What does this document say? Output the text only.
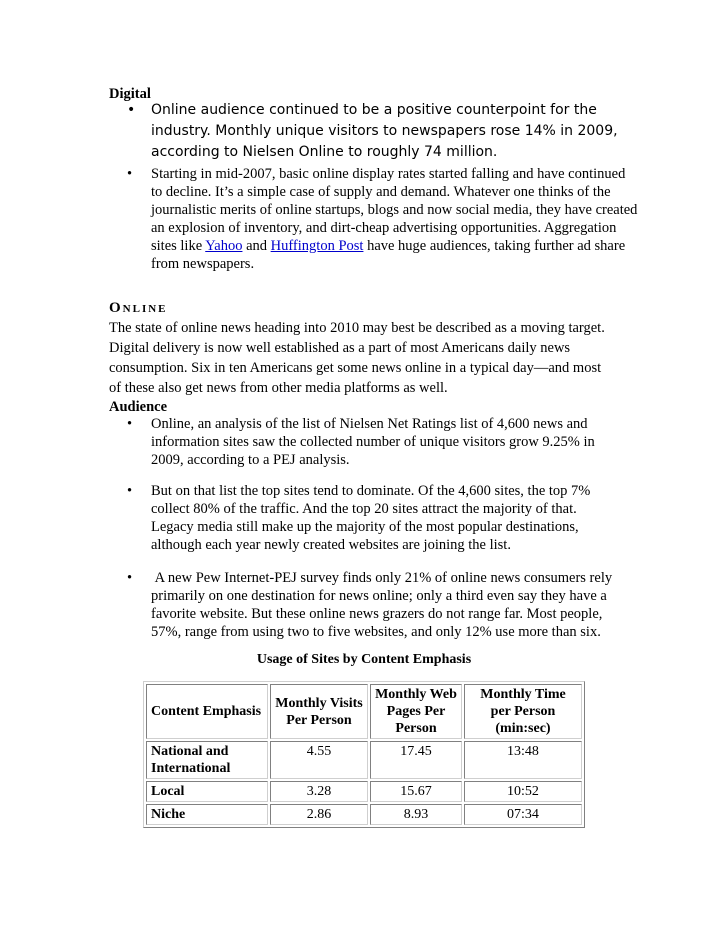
Digital
• Online audience continued to be a positive counterpoint for the industry. Monthly unique visitors to newspapers rose 14% in 2009, according to Nielsen Online to roughly 74 million.
• Starting in mid-2007, basic online display rates started falling and have continued to decline. It’s a simple case of supply and demand. Whatever one thinks of the journalistic merits of online startups, blogs and now social media, they have created an explosion of inventory, and dirt-cheap advertising opportunities. Aggregation sites like Yahoo and Huffington Post have huge audiences, taking further ad share from newspapers.
ONLINE
The state of online news heading into 2010 may best be described as a moving target. Digital delivery is now well established as a part of most Americans daily news consumption. Six in ten Americans get some news online in a typical day—and most of these also get news from other media platforms as well.
Audience
• Online, an analysis of the list of Nielsen Net Ratings list of 4,600 news and information sites saw the collected number of unique visitors grow 9.25% in 2009, according to a PEJ analysis.
• But on that list the top sites tend to dominate. Of the 4,600 sites, the top 7% collect 80% of the traffic. And the top 20 sites attract the majority of that. Legacy media still make up the majority of the most popular destinations, although each year newly created websites are joining the list.
• A new Pew Internet-PEJ survey finds only 21% of online news consumers rely primarily on one destination for news online; only a third even say they have a favorite website. But these online news grazers do not range far. Most people, 57%, range from using two to five websites, and only 12% use more than six.
Usage of Sites by Content Emphasis
Content Emphasis	Monthly Visits Per Person	Monthly Web Pages Per Person	Monthly Time per Person (min:sec)
National and International	4.55	17.45	13:48
Local	3.28	15.67	10:52
Niche	2.86	8.93	07:34
